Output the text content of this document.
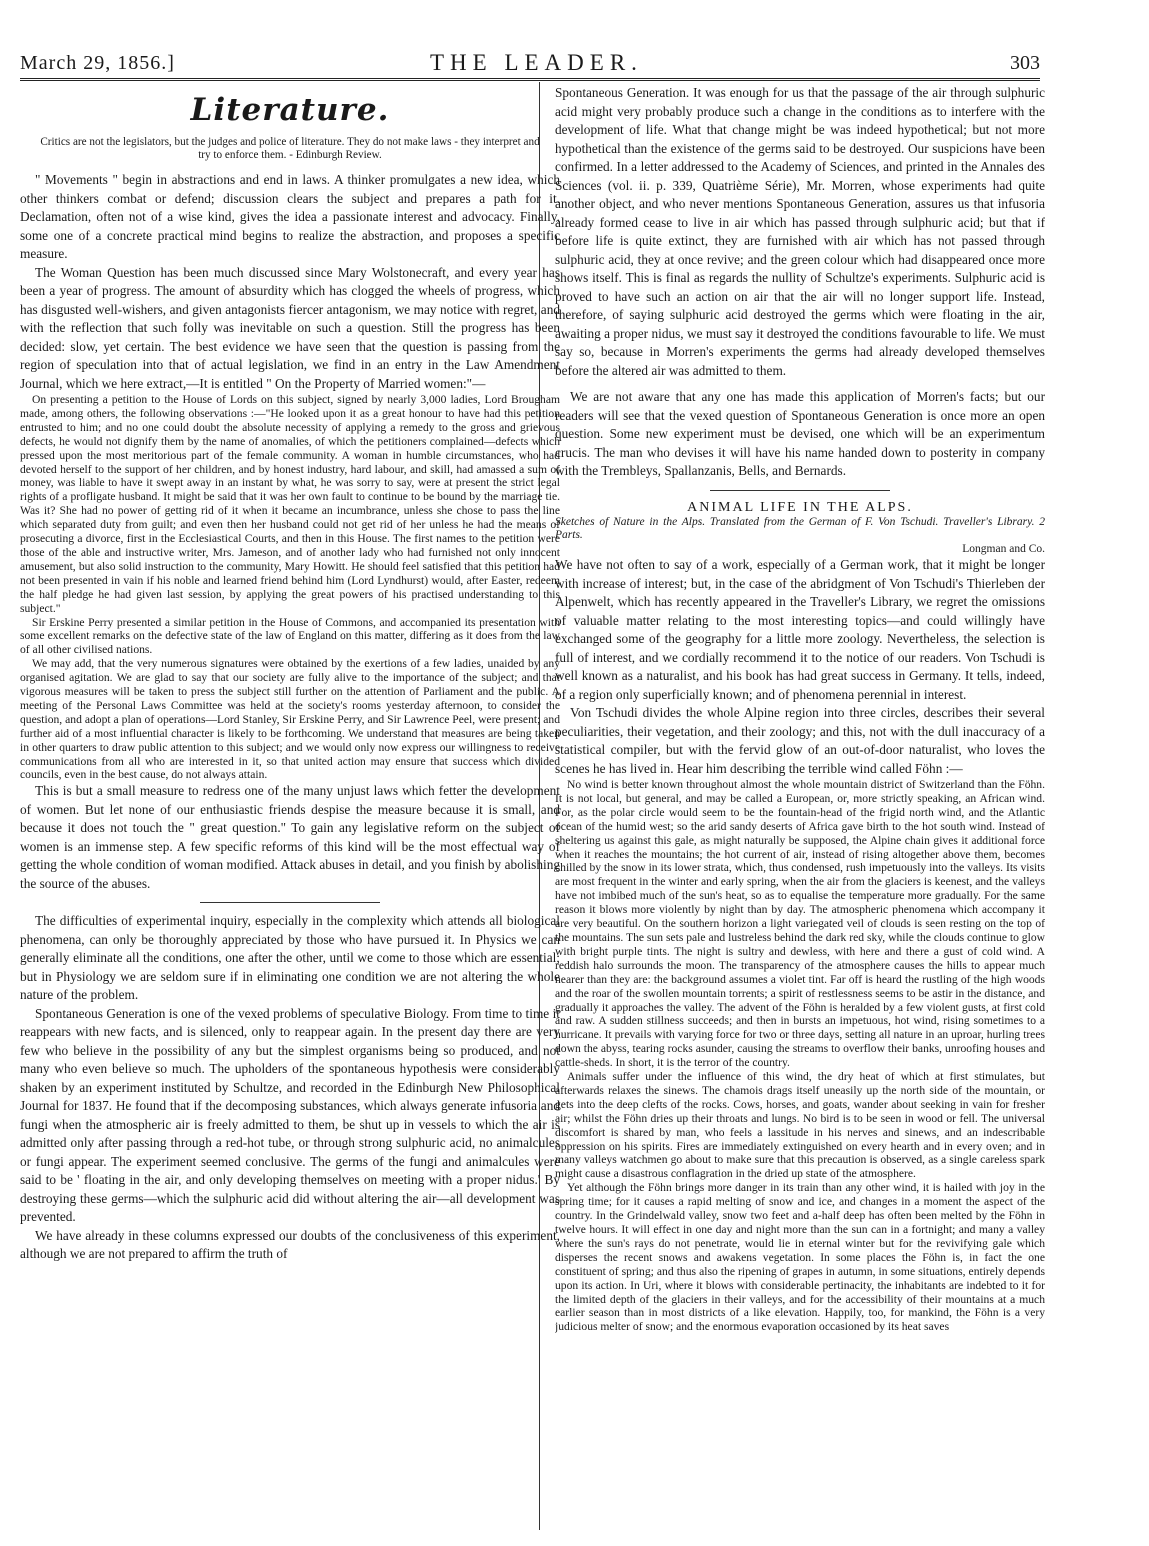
March 29, 1856.]	THE LEADER.	303
Literature.

Critics are not the legislators, but the judges and police of literature. They do not make laws - they interpret and try to enforce them. - Edinburgh Review.

" Movements " begin in abstractions and end in laws. A thinker promulgates a new idea, which other thinkers combat or defend; discussion clears the subject and prepares a path for it. Declamation, often not of a wise kind, gives the idea a passionate interest and advocacy. Finally, some one of a concrete practical mind begins to realize the abstraction, and proposes a specific measure.

The Woman Question has been much discussed since Mary Wolstonecraft, and every year has been a year of progress. The amount of absurdity which has clogged the wheels of progress, which has disgusted well-wishers, and given antagonists fiercer antagonism, we may notice with regret, and with the reflection that such folly was inevitable on such a question. Still the progress has been decided: slow, yet certain. The best evidence we have seen that the question is passing from the region of speculation into that of actual legislation, we find in an entry in the Law Amendment Journal, which we here extract,—It is entitled " On the Property of Married women:"—

On presenting a petition to the House of Lords on this subject, signed by nearly 3,000 ladies, Lord Brougham made, among others, the following observations :—"He looked upon it as a great honour to have had this petition entrusted to him; and no one could doubt the absolute necessity of applying a remedy to the gross and grievous defects, he would not dignify them by the name of anomalies, of which the petitioners complained—defects which pressed upon the most meritorious part of the female community. A woman in humble circumstances, who had devoted herself to the support of her children, and by honest industry, hard labour, and skill, had amassed a sum of money, was liable to have it swept away in an instant by what, he was sorry to say, were at present the strict legal rights of a profligate husband. It might be said that it was her own fault to continue to be bound by the marriage tie. Was it? She had no power of getting rid of it when it became an incumbrance, unless she chose to pass the line which separated duty from guilt; and even then her husband could not get rid of her unless he had the means of prosecuting a divorce, first in the Ecclesiastical Courts, and then in this House. The first names to the petition were those of the able and instructive writer, Mrs. Jameson, and of another lady who had furnished not only innocent amusement, but also solid instruction to the community, Mary Howitt. He should feel satisfied that this petition had not been presented in vain if his noble and learned friend behind him (Lord Lyndhurst) would, after Easter, redeem the half pledge he had given last session, by applying the great powers of his practised understanding to this subject."

Sir Erskine Perry presented a similar petition in the House of Commons, and accompanied its presentation with some excellent remarks on the defective state of the law of England on this matter, differing as it does from the law of all other civilised nations.

We may add, that the very numerous signatures were obtained by the exertions of a few ladies, unaided by any organised agitation. We are glad to say that our society are fully alive to the importance of the subject; and that vigorous measures will be taken to press the subject still further on the attention of Parliament and the public. A meeting of the Personal Laws Committee was held at the society's rooms yesterday afternoon, to consider the question, and adopt a plan of operations—Lord Stanley, Sir Erskine Perry, and Sir Lawrence Peel, were present; and further aid of a most influential character is likely to be forthcoming. We understand that measures are being taken in other quarters to draw public attention to this subject; and we would only now express our willingness to receive communications from all who are interested in it, so that united action may ensure that success which divided councils, even in the best cause, do not always attain.

This is but a small measure to redress one of the many unjust laws which fetter the development of women. But let none of our enthusiastic friends despise the measure because it is small, and because it does not touch the " great question." To gain any legislative reform on the subject of women is an immense step. A few specific reforms of this kind will be the most effectual way of getting the whole condition of woman modified. Attack abuses in detail, and you finish by abolishing the source of the abuses.

The difficulties of experimental inquiry, especially in the complexity which attends all biological phenomena, can only be thoroughly appreciated by those who have pursued it. In Physics we can generally eliminate all the conditions, one after the other, until we come to those which are essential; but in Physiology we are seldom sure if in eliminating one condition we are not altering the whole nature of the problem.

Spontaneous Generation is one of the vexed problems of speculative Biology. From time to time it reappears with new facts, and is silenced, only to reappear again. In the present day there are very few who believe in the possibility of any but the simplest organisms being so produced, and not many who even believe so much. The upholders of the spontaneous hypothesis were considerably shaken by an experiment instituted by Schultze, and recorded in the Edinburgh New Philosophical Journal for 1837. He found that if the decomposing substances, which always generate infusoria and fungi when the atmospheric air is freely admitted to them, be shut up in vessels to which the air is admitted only after passing through a red-hot tube, or through strong sulphuric acid, no animalcules or fungi appear. The experiment seemed conclusive. The germs of the fungi and animalcules were said to be ' floating in the air, and only developing themselves on meeting with a proper nidus.' By destroying these germs—which the sulphuric acid did without altering the air—all development was prevented.

We have already in these columns expressed our doubts of the conclusiveness of this experiment, although we are not prepared to affirm the truth of

Spontaneous Generation. It was enough for us that the passage of the air through sulphuric acid might very probably produce such a change in the conditions as to interfere with the development of life. What that change might be was indeed hypothetical; but not more hypothetical than the existence of the germs said to be destroyed. Our suspicions have been confirmed. In a letter addressed to the Academy of Sciences, and printed in the Annales des Sciences (vol. ii. p. 339, Quatrième Série), Mr. Morren, whose experiments had quite another object, and who never mentions Spontaneous Generation, assures us that infusoria already formed cease to live in air which has passed through sulphuric acid; but that if before life is quite extinct, they are furnished with air which has not passed through sulphuric acid, they at once revive; and the green colour which had disappeared once more shows itself. This is final as regards the nullity of Schultze's experiments. Sulphuric acid is proved to have such an action on air that the air will no longer support life. Instead, therefore, of saying sulphuric acid destroyed the germs which were floating in the air, awaiting a proper nidus, we must say it destroyed the conditions favourable to life. We must say so, because in Morren's experiments the germs had already developed themselves before the altered air was admitted to them.

We are not aware that any one has made this application of Morren's facts; but our readers will see that the vexed question of Spontaneous Generation is once more an open question. Some new experiment must be devised, one which will be an experimentum crucis. The man who devises it will have his name handed down to posterity in company with the Trembleys, Spallanzanis, Bells, and Bernards.

ANIMAL LIFE IN THE ALPS.

Sketches of Nature in the Alps. Translated from the German of F. Von Tschudi. Traveller's Library. 2 Parts.
Longman and Co.

We have not often to say of a work, especially of a German work, that it might be longer with increase of interest; but, in the case of the abridgment of Von Tschudi's Thierleben der Alpenwelt, which has recently appeared in the Traveller's Library, we regret the omissions of valuable matter relating to the most interesting topics—and could willingly have exchanged some of the geography for a little more zoology. Nevertheless, the selection is full of interest, and we cordially recommend it to the notice of our readers. Von Tschudi is well known as a naturalist, and his book has had great success in Germany. It tells, indeed, of a region only superficially known; and of phenomena perennial in interest.

Von Tschudi divides the whole Alpine region into three circles, describes their several peculiarities, their vegetation, and their zoology; and this, not with the dull inaccuracy of a statistical compiler, but with the fervid glow of an out-of-door naturalist, who loves the scenes he has lived in. Hear him describing the terrible wind called Föhn :—

No wind is better known throughout almost the whole mountain district of Switzerland than the Föhn. It is not local, but general, and may be called a European, or, more strictly speaking, an African wind. For, as the polar circle would seem to be the fountain-head of the frigid north wind, and the Atlantic ocean of the humid west; so the arid sandy deserts of Africa gave birth to the hot south wind. Instead of sheltering us against this gale, as might naturally be supposed, the Alpine chain gives it additional force when it reaches the mountains; the hot current of air, instead of rising altogether above them, becomes chilled by the snow in its lower strata, which, thus condensed, rush impetuously into the valleys. Its visits are most frequent in the winter and early spring, when the air from the glaciers is keenest, and the valleys have not imbibed much of the sun's heat, so as to equalise the temperature more gradually. For the same reason it blows more violently by night than by day. The atmospheric phenomena which accompany it are very beautiful. On the southern horizon a light variegated veil of clouds is seen resting on the top of the mountains. The sun sets pale and lustreless behind the dark red sky, while the clouds continue to glow with bright purple tints. The night is sultry and dewless, with here and there a gust of cold wind. A reddish halo surrounds the moon. The transparency of the atmosphere causes the hills to appear much nearer than they are: the background assumes a violet tint. Far off is heard the rustling of the high woods and the roar of the swollen mountain torrents; a spirit of restlessness seems to be astir in the distance, and gradually it approaches the valley. The advent of the Föhn is heralded by a few violent gusts, at first cold and raw. A sudden stillness succeeds; and then in bursts an impetuous, hot wind, rising sometimes to a hurricane. It prevails with varying force for two or three days, setting all nature in an uproar, hurling trees down the abyss, tearing rocks asunder, causing the streams to overflow their banks, unroofing houses and cattle-sheds. In short, it is the terror of the country.

Animals suffer under the influence of this wind, the dry heat of which at first stimulates, but afterwards relaxes the sinews. The chamois drags itself uneasily up the north side of the mountain, or gets into the deep clefts of the rocks. Cows, horses, and goats, wander about seeking in vain for fresher air; whilst the Föhn dries up their throats and lungs. No bird is to be seen in wood or fell. The universal discomfort is shared by man, who feels a lassitude in his nerves and sinews, and an indescribable oppression on his spirits. Fires are immediately extinguished on every hearth and in every oven; and in many valleys watchmen go about to make sure that this precaution is observed, as a single careless spark might cause a disastrous conflagration in the dried up state of the atmosphere.

Yet although the Föhn brings more danger in its train than any other wind, it is hailed with joy in the spring time; for it causes a rapid melting of snow and ice, and changes in a moment the aspect of the country. In the Grindelwald valley, snow two feet and a-half deep has often been melted by the Föhn in twelve hours. It will effect in one day and night more than the sun can in a fortnight; and many a valley where the sun's rays do not penetrate, would lie in eternal winter but for the revivifying gale which disperses the recent snows and awakens vegetation. In some places the Föhn is, in fact the one constituent of spring; and thus also the ripening of grapes in autumn, in some situations, entirely depends upon its action. In Uri, where it blows with considerable pertinacity, the inhabitants are indebted to it for the limited depth of the glaciers in their valleys, and for the accessibility of their mountains at a much earlier season than in most districts of a like elevation. Happily, too, for mankind, the Föhn is a very judicious melter of snow; and the enormous evaporation occasioned by its heat saves
